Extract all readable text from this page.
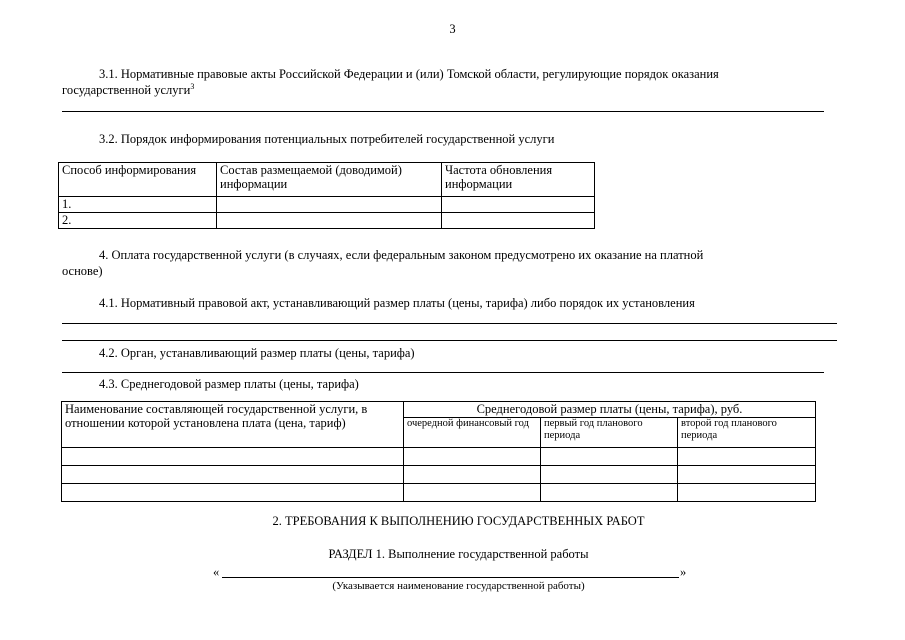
3
3.1. Нормативные правовые акты Российской Федерации и (или) Томской области, регулирующие порядок оказания
государственной услуги$^3$
3.2. Порядок информирования потенциальных потребителей государственной услуги
Способ информирования	Состав размещаемой (доводимой) информации	Частота обновления информации
1.		
2.		
4. Оплата государственной услуги (в случаях, если федеральным законом предусмотрено их оказание на платной
основе)
4.1. Нормативный правовой акт, устанавливающий размер платы (цены, тарифа) либо порядок их установления
4.2. Орган, устанавливающий размер платы (цены, тарифа)
4.3. Среднегодовой размер платы (цены, тарифа)
Наименование составляющей государственной услуги, в отношении которой установлена плата (цена, тариф)	Среднегодовой размер платы (цены, тарифа), руб.		
	очередной финансовый год	первый год планового периода	второй год планового периода

2. ТРЕБОВАНИЯ К ВЫПОЛНЕНИЮ ГОСУДАРСТВЕННЫХ РАБОТ
РАЗДЕЛ 1. Выполнение государственной работы
«	»
(Указывается наименование государственной работы)
